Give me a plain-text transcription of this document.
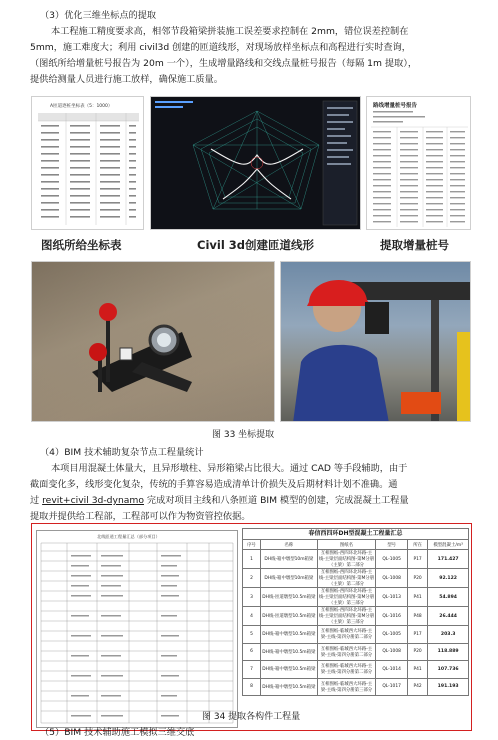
（3）优化三维坐标点的提取
本工程施工精度要求高，相邻节段箱梁拼装施工误差要求控制在 2mm，错位误差控制在
5mm，施工难度大；利用 civil3d 创建的匝道线形，对现场放样坐标点和高程进行实时查询，
（图纸所给增量桩号报告为 20m 一个），生成增量路线和交线点量桩号报告（每隔 1m 提取），
提供给测量人员进行施工放样，确保施工质量。
A匝道逐桩坐标表（5：1000）	路线增量桩号报告
图纸所给坐标表	Civil 3d创建匝道线形	提取增量桩号
图 33 坐标提取
（4）BIM 技术辅助复杂节点工程量统计
本项目用混凝土体量大，且异形墩柱、异形箱梁占比很大。通过 CAD 等手段辅助，由于
截面变化多，线形变化复杂，传统的手算容易造成清单计价损失及后期材料计划不准确。通
过 revit+civil 3d-dynamo 完成对项目主线和八条匝道 BIM 模型的创建，完成混凝土工程量
提取并提供给工程部，工程部可以作为物资管控依据。
北线匝道工程量汇总（部分项目）	春信西四环DH型混凝土工程量汇总
序号	名称	图纸名	型号	所在	模型混凝土/m³
1	DH线-箱中墩型10m箱梁	互相图纸-西四环北环路-主线-主梁层面结构图-第M分册（主梁）第二部分	QL-1005	P17	171.427
2	DH线-箱中墩型10m箱梁	互相图纸-西四环北环路-主线-主梁层面结构图-第M分册（主梁）第二部分	QL-1008	P20	92.122
3	DH线-匝道墩型10.5m箱梁	互相图纸-西四环北环路-主线-主梁层面结构图-第M分册（主梁）第三部分	QL-1013	P41	54.894
4	DH线-匝道墩型10.5m箱梁	互相图纸-西四环北环路-主线-主梁层面结构图-第M分册（主梁）第三部分	QL-1016	P48	26.444
5	DH线-箱中墩型10.5m箱梁	互相图纸-临城西大环路-主梁-主线-第四分册第二部分	QL-1005	P17	203.3
6	DH线-箱中墩型10.5m箱梁	互相图纸-临城西大环路-主梁-主线-第四分册第二部分	QL-1008	P20	118.889
7	DH线-箱中墩型10.5m箱梁	互相图纸-临城西大环路-主梁-主线-第四分册第二部分	QL-1014	P41	107.736
8	DH线-箱中墩型10.5m箱梁	互相图纸-临城西大环路-主梁-主线-第四分册第三部分	QL-1017	P42	191.193
图 34 提取各构件工程量
（5）BIM 技术辅助施工模拟三维交底
